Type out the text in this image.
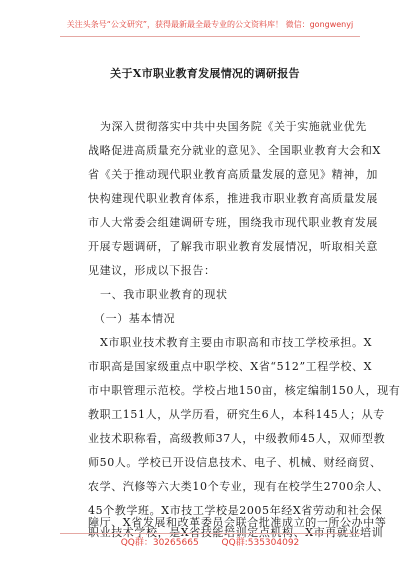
关注头条号“公文研究”，获得最新最全最专业的公文资料库！ 微信：gongwenyj
关于X市职业教育发展情况的调研报告
为深入贯彻落实中共中央国务院《关于实施就业优先
战略促进高质量充分就业的意见》、全国职业教育大会和X
省《关于推动现代职业教育高质量发展的意见》精神，加
快构建现代职业教育体系，推进我市职业教育高质量发展
市人大常委会组建调研专班，围绕我市现代职业教育发展
开展专题调研，了解我市职业教育发展情况，听取相关意
见建议，形成以下报告：
一、我市职业教育的现状
（一）基本情况
X市职业技术教育主要由市职高和市技工学校承担。X
市职高是国家级重点中职学校、X省“512”工程学校、X
市中职管理示范校。学校占地150亩，核定编制150人，现有
教职工151人，从学历看，研究生6人，本科145人；从专
业技术职称看，高级教师37人，中级教师45人，双师型教
师50人。学校已开设信息技术、电子、机械、财经商贸、
农学、汽修等六大类10个专业，现有在校学生2700余人、
45个教学班。X市技工学校是2005年经X省劳动和社会保
障厅、X省发展和改革委员会联合批准成立的一所公办中等
职业技术学校，是X省技能培训定点机构、X市再就业培训
QQ群：30265665	QQ群:535304092
